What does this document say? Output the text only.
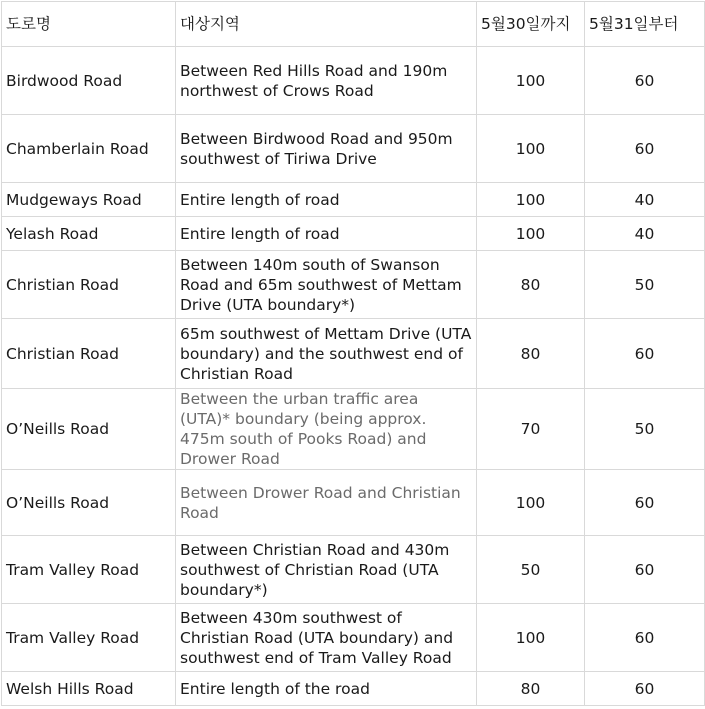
도로명	대상지역	5월30일까지	5월31일부터
Birdwood Road	Between Red Hills Road and 190m northwest of Crows Road	100	60
Chamberlain Road	Between Birdwood Road and 950m southwest of Tiriwa Drive	100	60
Mudgeways Road	Entire length of road	100	40
Yelash Road	Entire length of road	100	40
Christian Road	Between 140m south of Swanson Road and 65m southwest of Mettam Drive (UTA boundary*)	80	50
Christian Road	65m southwest of Mettam Drive (UTA boundary) and the southwest end of Christian Road	80	60
O’Neills Road	Between the urban traffic area (UTA)* boundary (being approx. 475m south of Pooks Road) and Drower Road	70	50
O’Neills Road	Between Drower Road and Christian Road	100	60
Tram Valley Road	Between Christian Road and 430m southwest of Christian Road (UTA boundary*)	50	60
Tram Valley Road	Between 430m southwest of Christian Road (UTA boundary) and southwest end of Tram Valley Road	100	60
Welsh Hills Road	Entire length of the road	80	60
